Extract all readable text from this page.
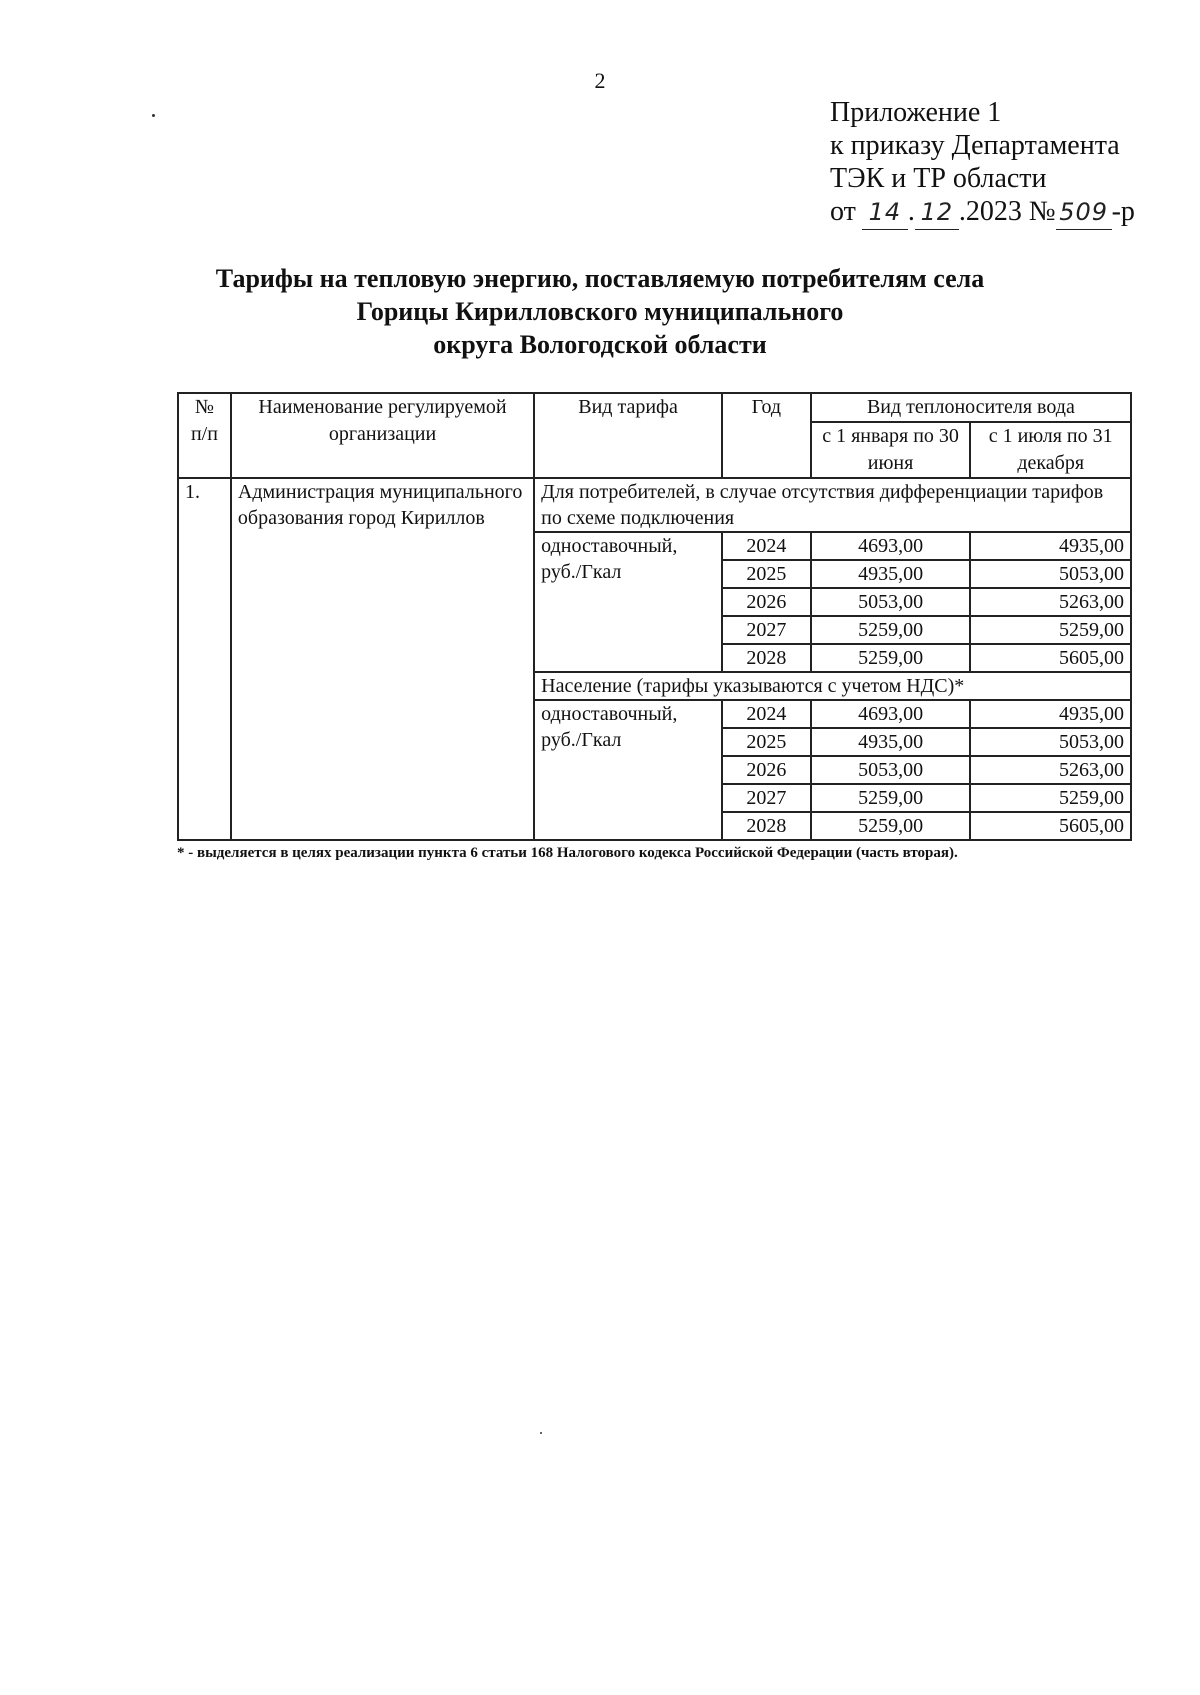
2
Приложение 1
к приказу Департамента
ТЭК и ТР области
от 14 . 12 .2023 № 509 -р
Тарифы на тепловую энергию, поставляемую потребителям села
Горицы Кирилловского муниципального
округа Вологодской области
№ п/п	Наименование регулируемой организации	Вид тарифа	Год	Вид теплоносителя вода	
				с 1 января по 30 июня	с 1 июля по 31 декабря
1.	Администрация муниципального образования город Кириллов	Для потребителей, в случае отсутствия дифференциации тарифов по схеме подключения			
		одноставочный, руб./Гкал	2024	4693,00	4935,00
			2025	4935,00	5053,00
			2026	5053,00	5263,00
			2027	5259,00	5259,00
			2028	5259,00	5605,00
		Население (тарифы указываются с учетом НДС)*			
		одноставочный, руб./Гкал	2024	4693,00	4935,00
			2025	4935,00	5053,00
			2026	5053,00	5263,00
			2027	5259,00	5259,00
			2028	5259,00	5605,00
* - выделяется в целях реализации пункта 6 статьи 168 Налогового кодекса Российской Федерации (часть вторая).
